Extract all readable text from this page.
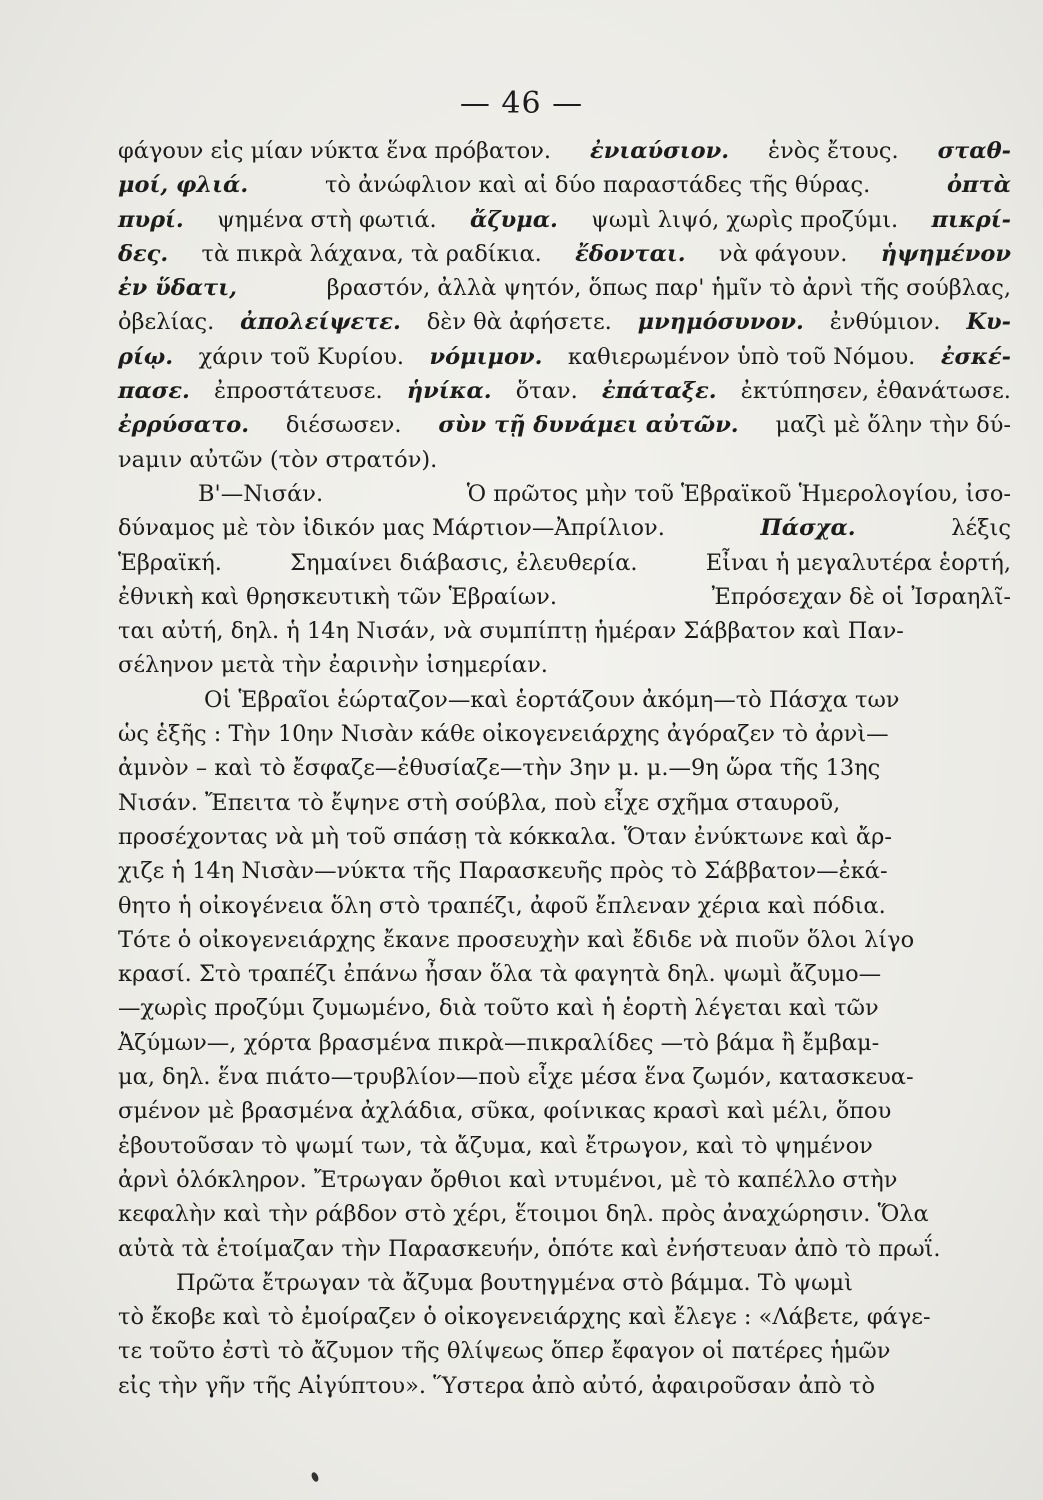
— 46 —
φάγουν εἰς μίαν νύκτα ἕνα πρόβατον. ἐνιαύσιον. ἑνὸς ἔτους. σταθ-
μοί, φλιά.	τὸ ἀνώφλιον καὶ αἱ δύο παραστάδες τῆς θύρας.	ὀπτὰ
πυρί. ψημένα στὴ φωτιά. ἄζυμα. ψωμὶ λιψό, χωρὶς προζύμι. πικρί-
δες. τὰ πικρὰ λάχανα, τὰ ραδίκια. ἔδονται. νὰ φάγουν. ἡψημένον
ἐν ὕδατι,	βραστόν, ἀλλὰ ψητόν, ὅπως παρ' ἡμῖν τὸ ἀρνὶ τῆς σούβλας,
ὀβελίας. ἀπολείψετε. δὲν θὰ ἀφήσετε. μνημόσυνον. ἐνθύμιον. Κυ-
ρίῳ. χάριν τοῦ Κυρίου. νόμιμον. καθιερωμένον ὑπὸ τοῦ Νόμου. ἐσκέ-
πασε. ἐπροστάτευσε. ἡνίκα. ὅταν. ἐπάταξε. ἐκτύπησεν, ἐθανάτωσε.
ἐρρύσατο. διέσωσεν. σὺν τῇ δυνάμει αὐτῶν. μαζὶ μὲ ὅλην τὴν δύ-
νaμιν αὐτῶν (τὸν στρατόν).
Β'—Νισάν.	Ὁ πρῶτος μὴν τοῦ Ἑβραϊκοῦ Ἡμερολογίου, ἰσο-
δύναμος μὲ τὸν ἰδικόν μας Μάρτιον—Ἀπρίλιον.	Πάσχα.	λέξις
Ἑβραϊκή.	Σημαίνει διάβασις, ἐλευθερία.	Εἶναι ἡ μεγαλυτέρα ἑορτή,
ἐθνικὴ καὶ θρησκευτικὴ τῶν Ἑβραίων.	Ἐπρόσεχαν δὲ οἱ Ἰσραηλῖ-
ται αὐτή, δηλ. ἡ 14η Νισάν, νὰ συμπίπτῃ ἡμέραν Σάββατον καὶ Παν-
σέληνον μετὰ τὴν ἐαρινὴν ἰσημερίαν.
Οἱ Ἑβραῖοι ἑώρταζον—καὶ ἑορτάζουν ἀκόμη—τὸ Πάσχα των
ὡς ἑξῆς : Τὴν 10ην Νισὰν κάθε οἰκογενειάρχης ἀγόραζεν τὸ ἀρνὶ—
ἀμνὸν – καὶ τὸ ἔσφαζε—ἐθυσίαζε—τὴν 3ην μ. μ.—9η ὥρα τῆς 13ης
Νισάν. Ἔπειτα τὸ ἔψηνε στὴ σούβλα, ποὺ εἶχε σχῆμα σταυροῦ,
προσέχοντας νὰ μὴ τοῦ σπάσῃ τὰ κόκκαλα. Ὅταν ἐνύκτωνε καὶ ἄρ-
χιζε ἡ 14η Νισὰν—νύκτα τῆς Παρασκευῆς πρὸς τὸ Σάββατον—ἐκά-
θητο ἡ οἰκογένεια ὅλη στὸ τραπέζι, ἀφοῦ ἔπλεναν χέρια καὶ πόδια.
Τότε ὁ οἰκογενειάρχης ἔκανε προσευχὴν καὶ ἔδιδε νὰ πιοῦν ὅλοι λίγο
κρασί. Στὸ τραπέζι ἐπάνω ἦσαν ὅλα τὰ φαγητὰ δηλ. ψωμὶ ἄζυμο—
—χωρὶς προζύμι ζυμωμένο, διὰ τοῦτο καὶ ἡ ἑορτὴ λέγεται καὶ τῶν
Ἀζύμων—, χόρτα βρασμένα πικρὰ—πικραλίδες —τὸ βάμα ἢ ἔμβαμ-
μα, δηλ. ἕνα πιάτο—τρυβλίον—ποὺ εἶχε μέσα ἕνα ζωμόν, κατασκευα-
σμένον μὲ βρασμένα ἀχλάδια, σῦκα, φοίνικας κρασὶ καὶ μέλι, ὅπου
ἐβουτοῦσαν τὸ ψωμί των, τὰ ἄζυμα, καὶ ἔτρωγον, καὶ τὸ ψημένον
ἀρνὶ ὁλόκληρον. Ἔτρωγαν ὄρθιοι καὶ ντυμένοι, μὲ τὸ καπέλλο στὴν
κεφαλὴν καὶ τὴν ράβδον στὸ χέρι, ἕτοιμοι δηλ. πρὸς ἀναχώρησιν. Ὅλα
αὐτὰ τὰ ἑτοίμαζαν τὴν Παρασκευήν, ὁπότε καὶ ἐνήστευαν ἀπὸ τὸ πρωΐ.
Πρῶτα ἔτρωγαν τὰ ἄζυμα βουτηγμένα στὸ βάμμα. Τὸ ψωμὶ
τὸ ἔκοβε καὶ τὸ ἐμοίραζεν ὁ οἰκογενειάρχης καὶ ἔλεγε : «Λάβετε, φάγε-
τε τοῦτο ἐστὶ τὸ ἄζυμον τῆς θλίψεως ὅπερ ἔφαγον οἱ πατέρες ἡμῶν
εἰς τὴν γῆν τῆς Αἰγύπτου». Ὕστερα ἀπὸ αὐτό, ἀφαιροῦσαν ἀπὸ τὸ
